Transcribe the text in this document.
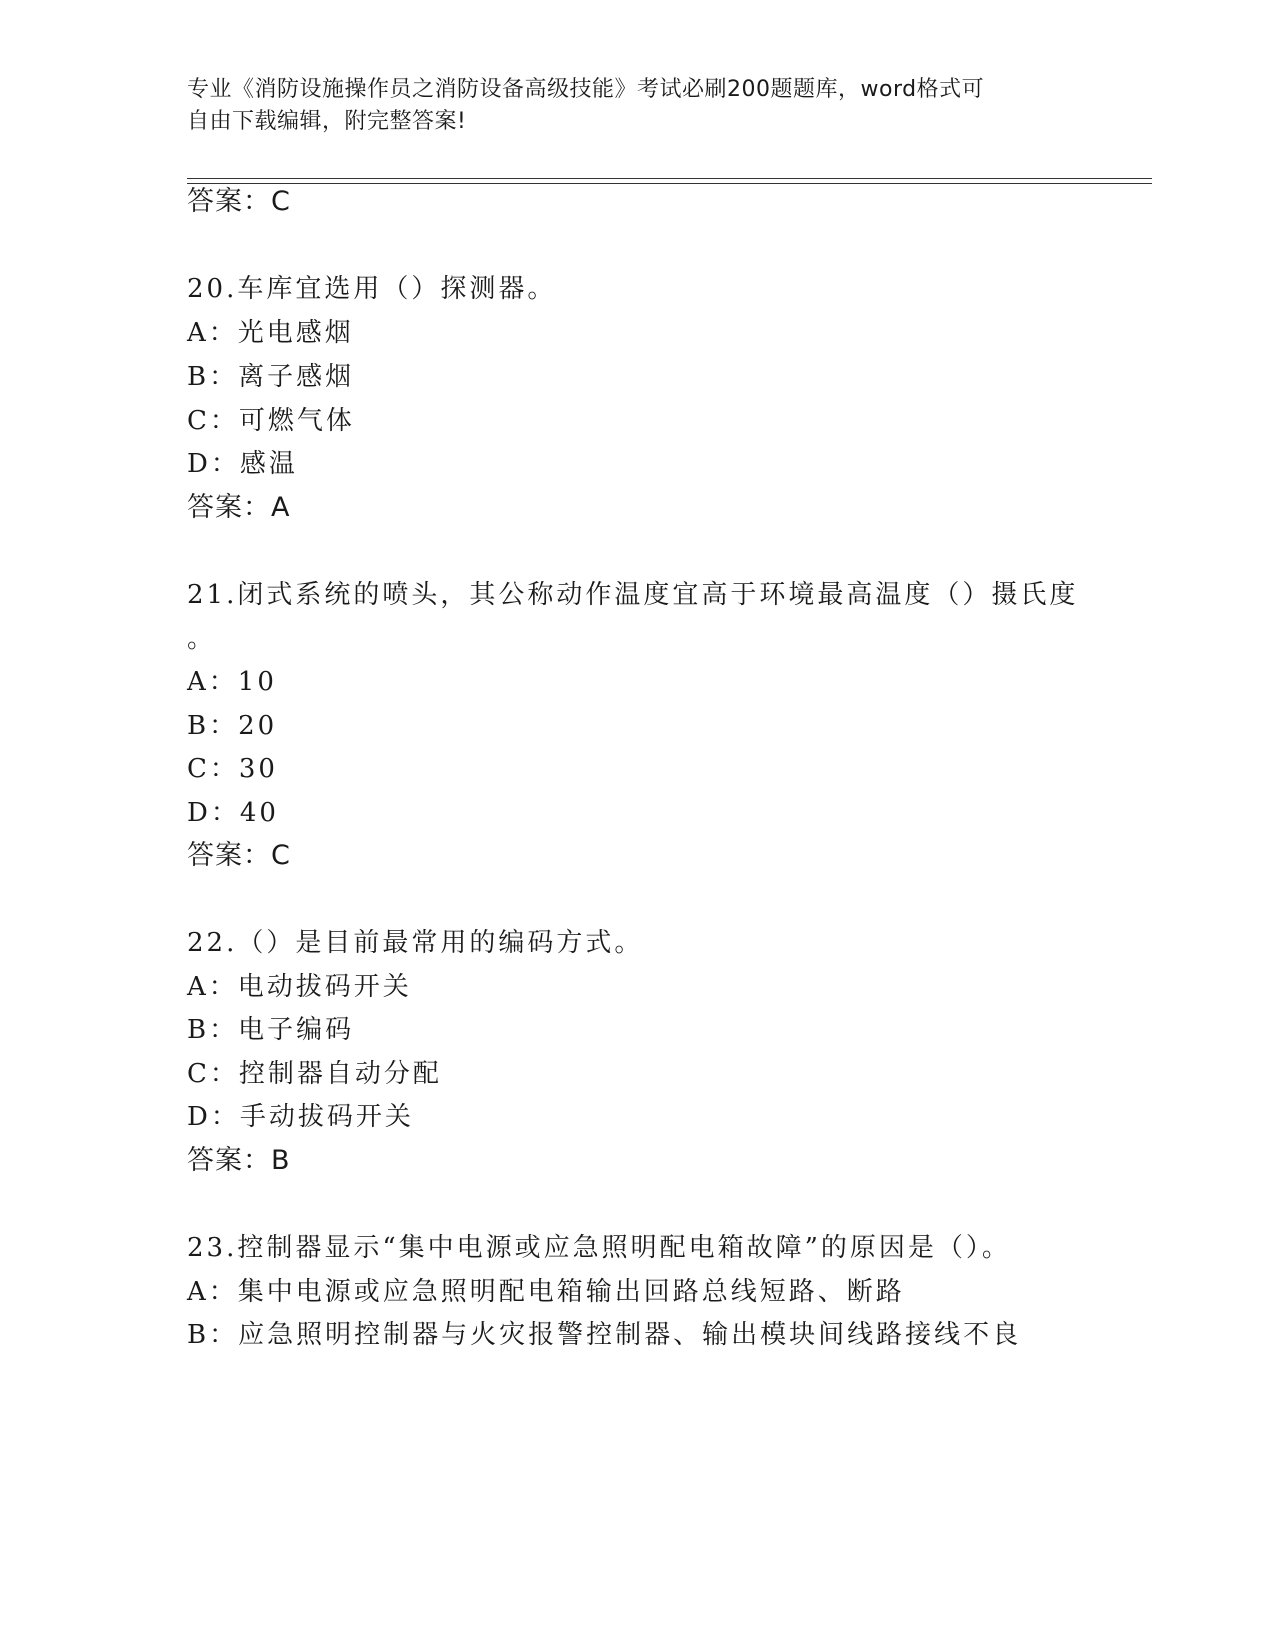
专业《消防设施操作员之消防设备高级技能》考试必刷200题题库，word格式可
自由下载编辑，附完整答案!
答案：C
20.车库宜选用（）探测器。
A：光电感烟
B：离子感烟
C：可燃气体
D：感温
答案：A
21.闭式系统的喷头，其公称动作温度宜高于环境最高温度（）摄氏度
。
A：10
B：20
C：30
D：40
答案：C
22.（）是目前最常用的编码方式。
A：电动拔码开关
B：电子编码
C：控制器自动分配
D：手动拔码开关
答案：B
23.控制器显示“集中电源或应急照明配电箱故障”的原因是（）。
A：集中电源或应急照明配电箱输出回路总线短路、断路
B：应急照明控制器与火灾报警控制器、输出模块间线路接线不良
